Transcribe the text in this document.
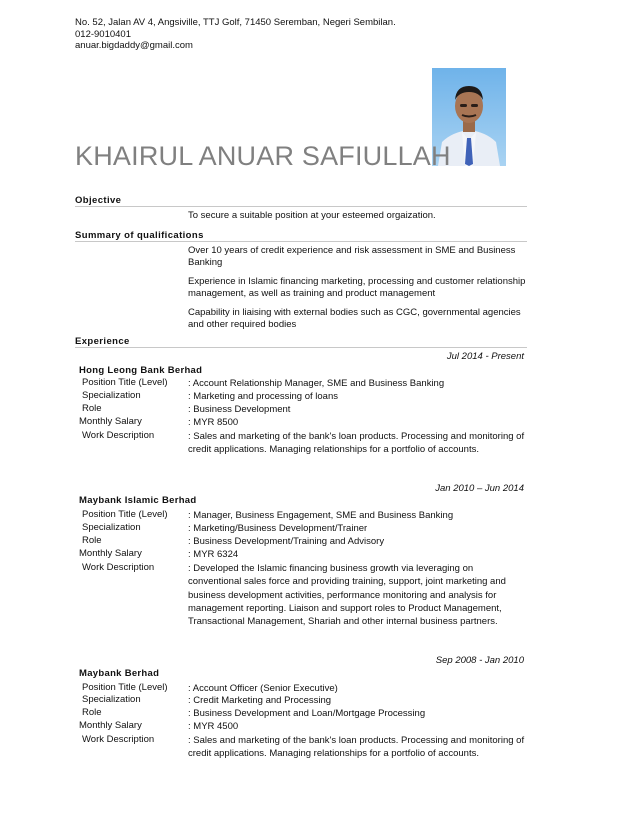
No. 52, Jalan AV 4, Angsiville, TTJ Golf, 71450 Seremban, Negeri Sembilan.
012-9010401
anuar.bigdaddy@gmail.com
KHAIRUL ANUAR SAFIULLAH
Objective
To secure a suitable position at your esteemed orgaization.
Summary of qualifications
Over 10 years of credit experience and risk assessment in SME and Business Banking
Experience in Islamic financing marketing, processing and customer relationship management, as well as training and product management
Capability in liaising with external bodies such as CGC, governmental agencies and other required bodies
Experience
Jul 2014 - Present
Hong Leong Bank Berhad
Position Title (Level) : Account Relationship Manager, SME and Business Banking
Specialization	: Marketing and processing of loans
Role	: Business Development
Monthly Salary	: MYR 8500
Work Description	: Sales and marketing of the bank's loan products. Processing and monitoring of credit applications. Managing relationships for a portfolio of accounts.
Jan 2010 – Jun 2014
Maybank Islamic Berhad
Position Title (Level) : Manager, Business Engagement, SME and Business Banking
Specialization	: Marketing/Business Development/Trainer
Role	: Business Development/Training and Advisory
Monthly Salary	: MYR 6324
Work Description	: Developed the Islamic financing business growth via leveraging on conventional sales force and providing training, support, joint marketing and business development activities, performance monitoring and analysis for management reporting. Liaison and support roles to Product Management, Transactional Management, Shariah and other internal business partners.
Sep 2008 - Jan 2010
Maybank Berhad
Position Title (Level) : Account Officer (Senior Executive)
Specialization	: Credit Marketing and Processing
Role	: Business Development and Loan/Mortgage Processing
Monthly Salary	: MYR 4500
Work Description	: Sales and marketing of the bank's loan products. Processing and monitoring of credit applications. Managing relationships for a portfolio of accounts.
